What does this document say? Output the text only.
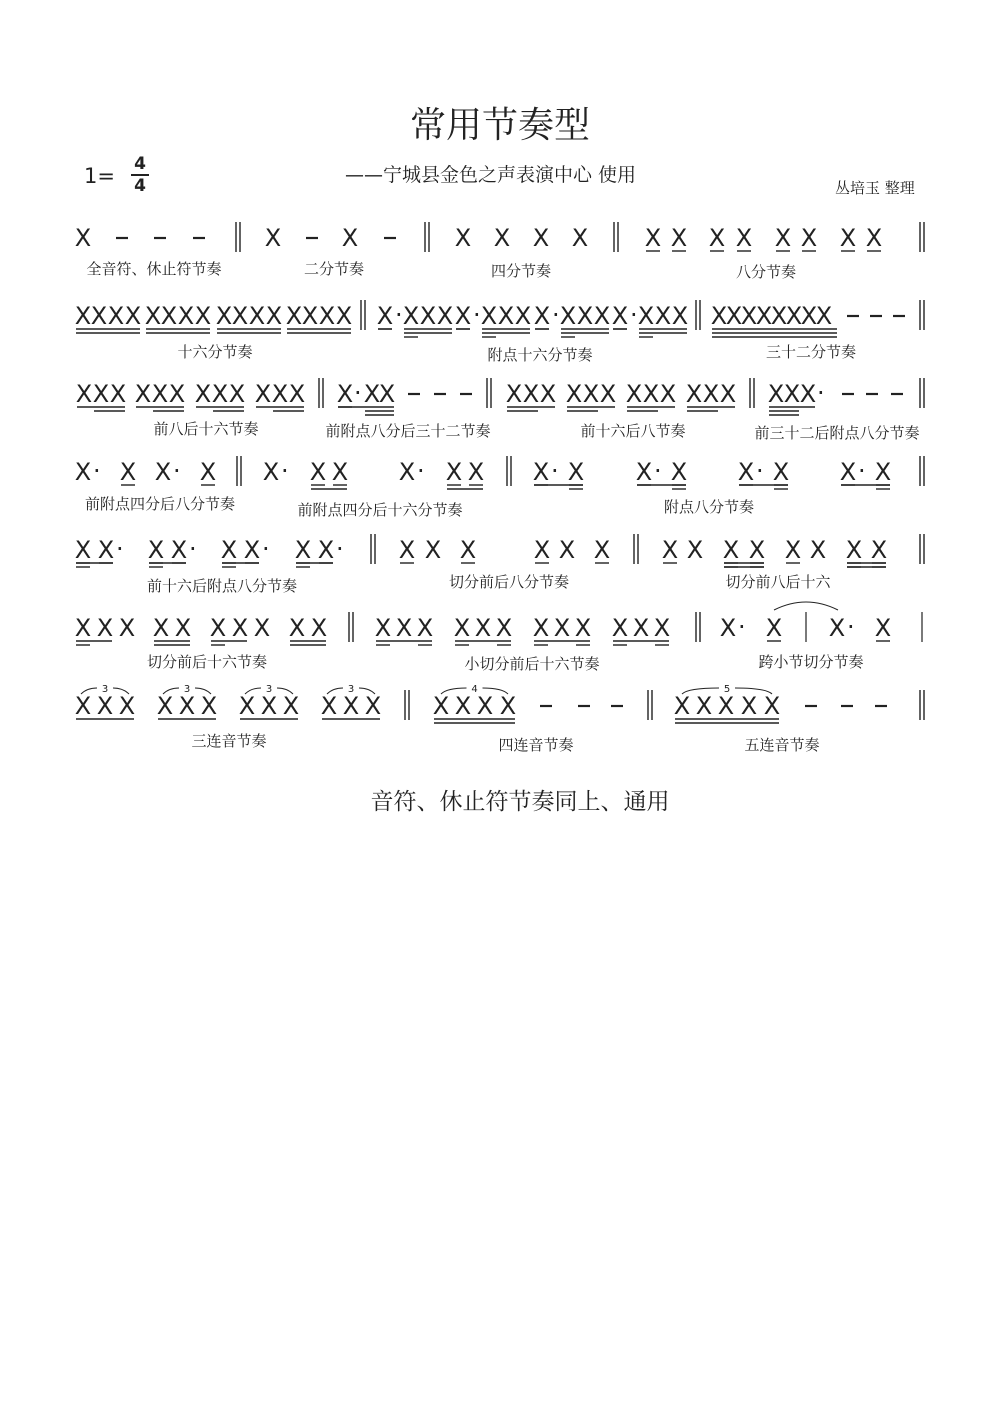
常用节奏型
1= 4
4	——宁城县金色之声表演中心 使用
丛培玉 整理
X	X	X	X X X X X X X X X X X X
全音符、休止符节奏	二分节奏	四分节奏	八分节奏
X X X X X X X X X X X X X X X X X · X X X X · X X X X · X X X X · X X X X
X
X
X
X
X
X
X
十六分节奏	附点十六分节奏	三十二分节奏
X X X X X X X X X X X X X · X
X	X X X X X X X X X X X X X X X ·
前八后十六节奏	前附点八分后三十二节奏	前十六后八节奏	前三十二后附点八分节奏
X · X X · X X · X X X · X X X · X X · X X · X X · X
前附点四分后八分节奏	前附点四分后十六分节奏	附点八分节奏
X X · X X · X X · X X · X X X X X X X X X X X X X X
前十六后附点八分节奏	切分前后八分节奏	切分前八后十六
X X X X X X X X X X X X X X X X X X X X X X X · X X · X
切分前后十六节奏	小切分前后十六节奏	跨小节切分节奏
X X X
3
X X X
3
X X X
3
X X X
3
X X X X
4
X X X X X
5
三连音节奏	四连音节奏	五连音节奏
音符、休止符节奏同上、通用
